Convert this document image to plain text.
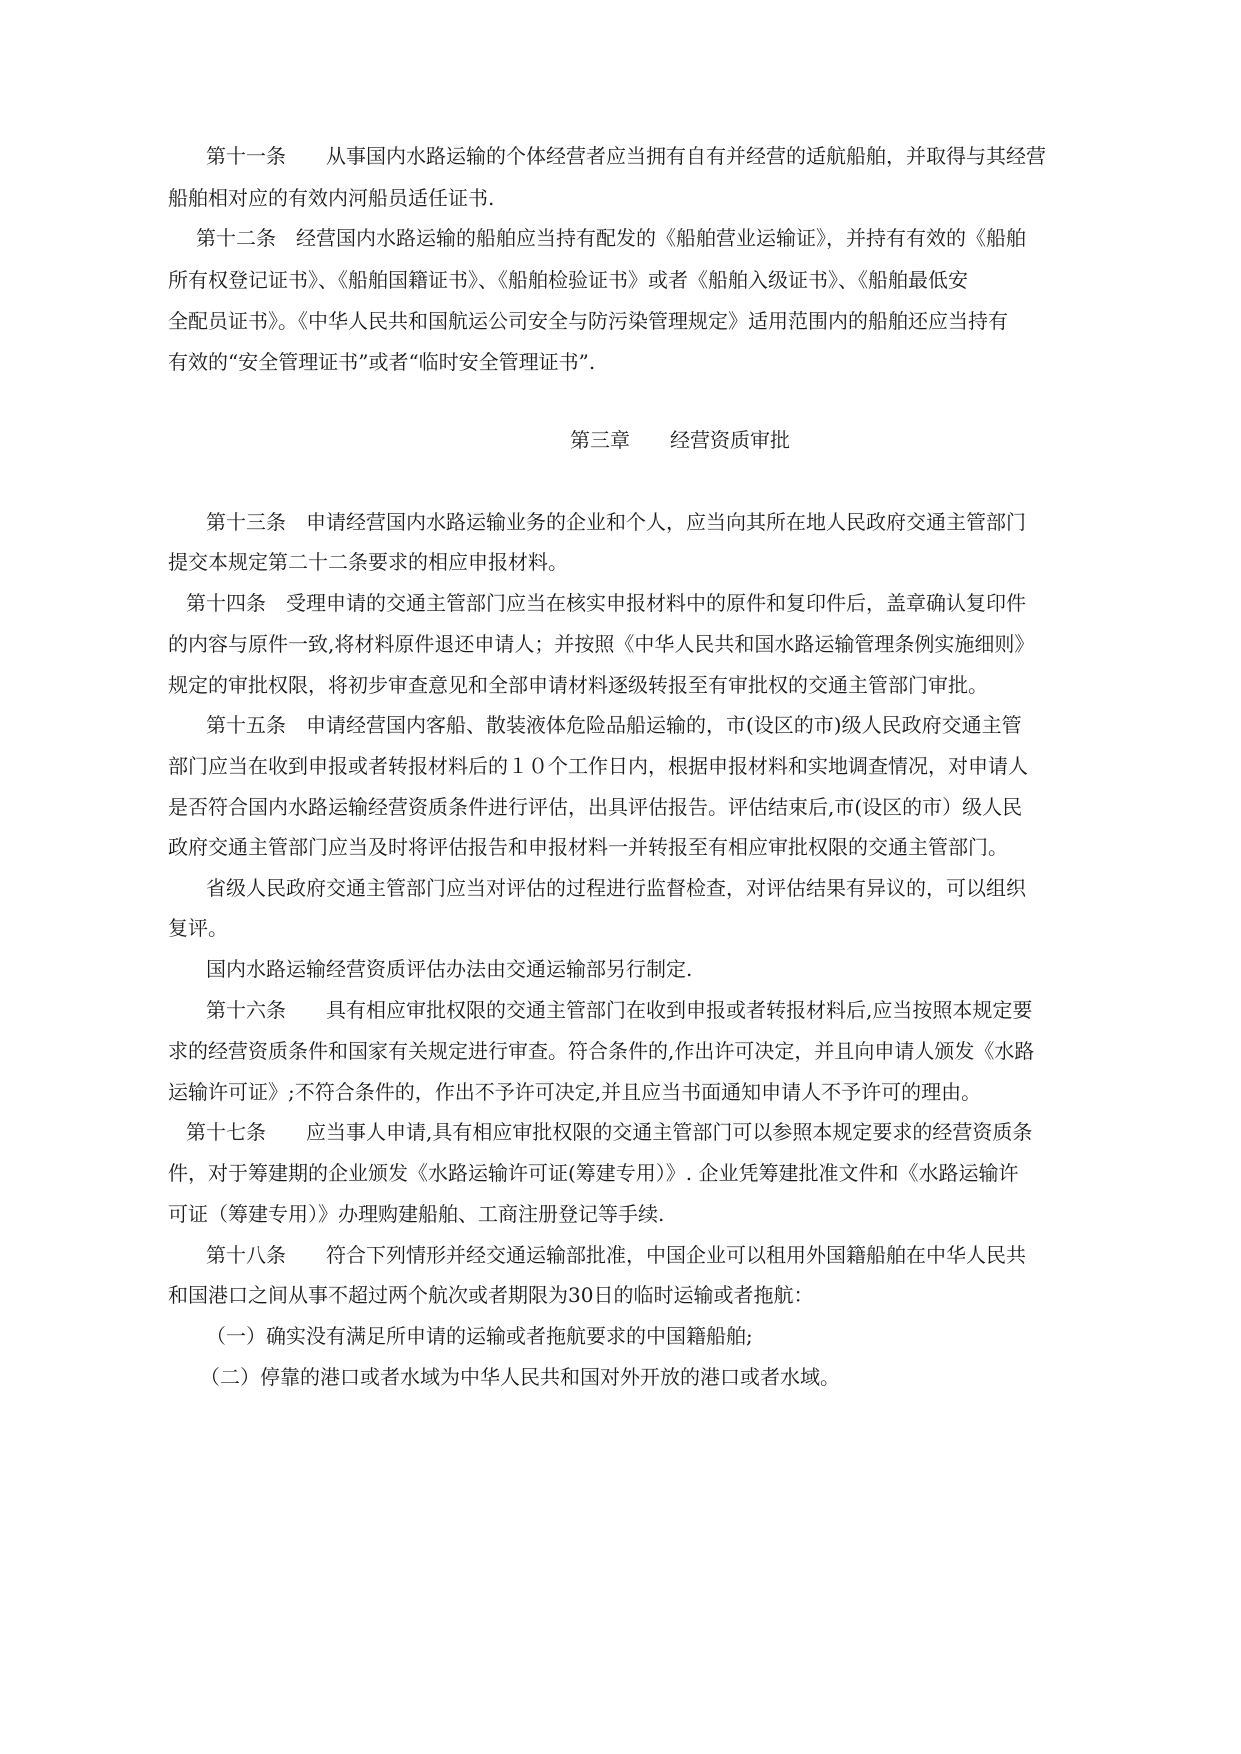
第十一条　　从事国内水路运输的个体经营者应当拥有自有并经营的适航船舶，并取得与其经营
船舶相对应的有效内河船员适任证书.
第十二条　经营国内水路运输的船舶应当持有配发的《船舶营业运输证》，并持有有效的《船舶
所有权登记证书》、《船舶国籍证书》、《船舶检验证书》或者《船舶入级证书》、《船舶最低安
全配员证书》。《中华人民共和国航运公司安全与防污染管理规定》适用范围内的船舶还应当持有
有效的“安全管理证书”或者“临时安全管理证书”.
第三章　　经营资质审批
第十三条　申请经营国内水路运输业务的企业和个人，应当向其所在地人民政府交通主管部门
提交本规定第二十二条要求的相应申报材料。
第十四条　受理申请的交通主管部门应当在核实申报材料中的原件和复印件后，盖章确认复印件
的内容与原件一致,将材料原件退还申请人；并按照《中华人民共和国水路运输管理条例实施细则》
规定的审批权限，将初步审查意见和全部申请材料逐级转报至有审批权的交通主管部门审批。
第十五条　申请经营国内客船、散装液体危险品船运输的，市(设区的市)级人民政府交通主管
部门应当在收到申报或者转报材料后的１０个工作日内，根据申报材料和实地调查情况，对申请人
是否符合国内水路运输经营资质条件进行评估，出具评估报告。评估结束后,市(设区的市）级人民
政府交通主管部门应当及时将评估报告和申报材料一并转报至有相应审批权限的交通主管部门。
省级人民政府交通主管部门应当对评估的过程进行监督检查，对评估结果有异议的，可以组织
复评。
国内水路运输经营资质评估办法由交通运输部另行制定.
第十六条　　具有相应审批权限的交通主管部门在收到申报或者转报材料后,应当按照本规定要
求的经营资质条件和国家有关规定进行审查。符合条件的,作出许可决定，并且向申请人颁发《水路
运输许可证》;不符合条件的，作出不予许可决定,并且应当书面通知申请人不予许可的理由。
第十七条　　应当事人申请,具有相应审批权限的交通主管部门可以参照本规定要求的经营资质条
件，对于筹建期的企业颁发《水路运输许可证(筹建专用）》. 企业凭筹建批准文件和《水路运输许
可证（筹建专用）》办理购建船舶、工商注册登记等手续.
第十八条　　符合下列情形并经交通运输部批准，中国企业可以租用外国籍船舶在中华人民共
和国港口之间从事不超过两个航次或者期限为30日的临时运输或者拖航：
（一）确实没有满足所申请的运输或者拖航要求的中国籍船舶;
（二）停靠的港口或者水域为中华人民共和国对外开放的港口或者水域。
